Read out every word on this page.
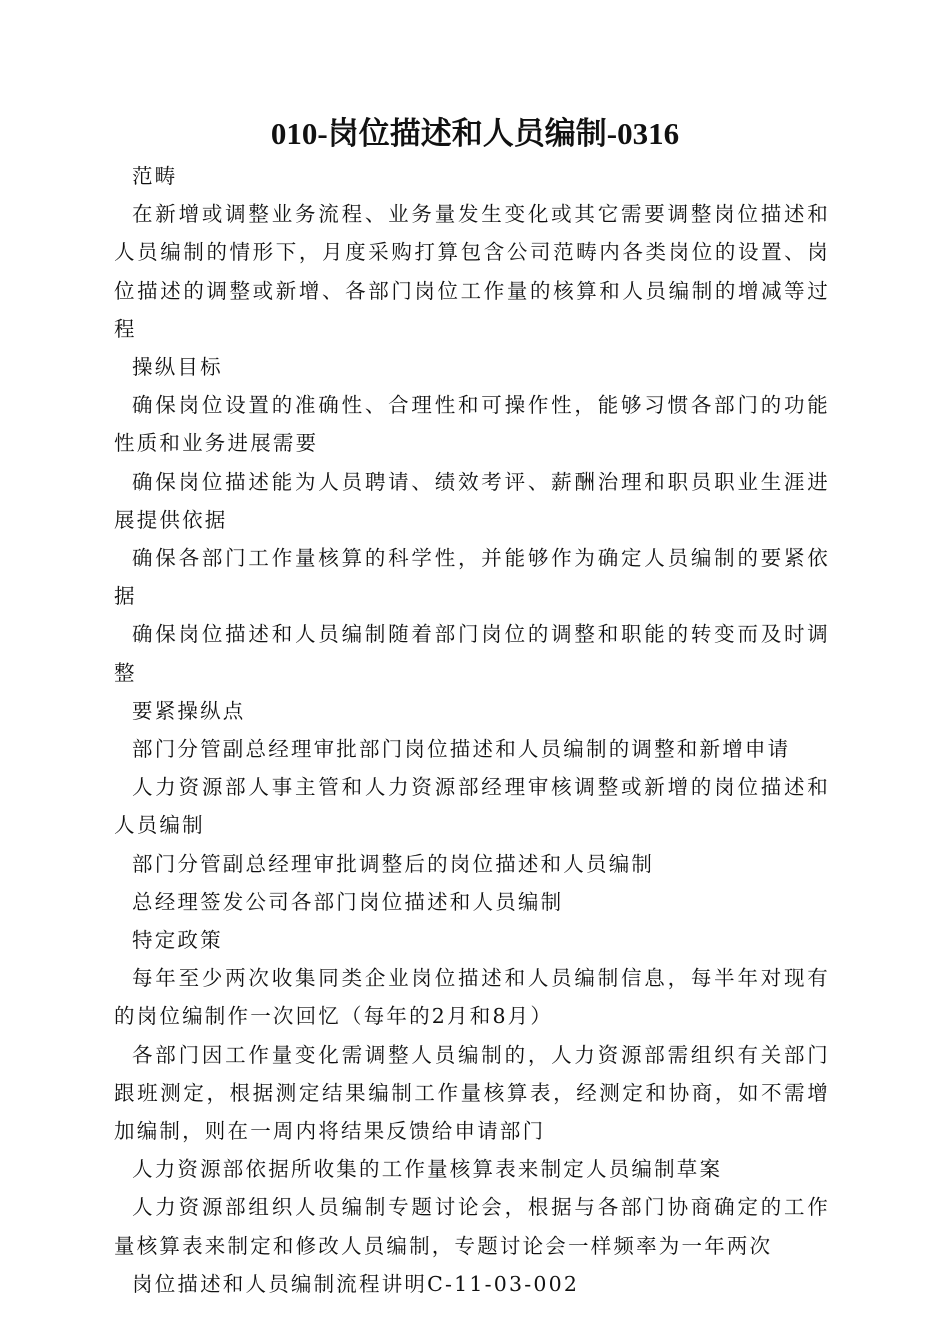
010-岗位描述和人员编制-0316

范畴

在新增或调整业务流程、业务量发生变化或其它需要调整岗位描述和人员编制的情形下，月度采购打算包含公司范畴内各类岗位的设置、岗位描述的调整或新增、各部门岗位工作量的核算和人员编制的增减等过程

操纵目标

确保岗位设置的准确性、合理性和可操作性，能够习惯各部门的功能性质和业务进展需要

确保岗位描述能为人员聘请、绩效考评、薪酬治理和职员职业生涯进展提供依据

确保各部门工作量核算的科学性，并能够作为确定人员编制的要紧依据

确保岗位描述和人员编制随着部门岗位的调整和职能的转变而及时调整

要紧操纵点

部门分管副总经理审批部门岗位描述和人员编制的调整和新增申请

人力资源部人事主管和人力资源部经理审核调整或新增的岗位描述和人员编制

部门分管副总经理审批调整后的岗位描述和人员编制

总经理签发公司各部门岗位描述和人员编制

特定政策

每年至少两次收集同类企业岗位描述和人员编制信息，每半年对现有的岗位编制作一次回忆（每年的2月和8月）

各部门因工作量变化需调整人员编制的，人力资源部需组织有关部门跟班测定，根据测定结果编制工作量核算表，经测定和协商，如不需增加编制，则在一周内将结果反馈给申请部门

人力资源部依据所收集的工作量核算表来制定人员编制草案

人力资源部组织人员编制专题讨论会，根据与各部门协商确定的工作量核算表来制定和修改人员编制，专题讨论会一样频率为一年两次

岗位描述和人员编制流程讲明C-11-03-002
